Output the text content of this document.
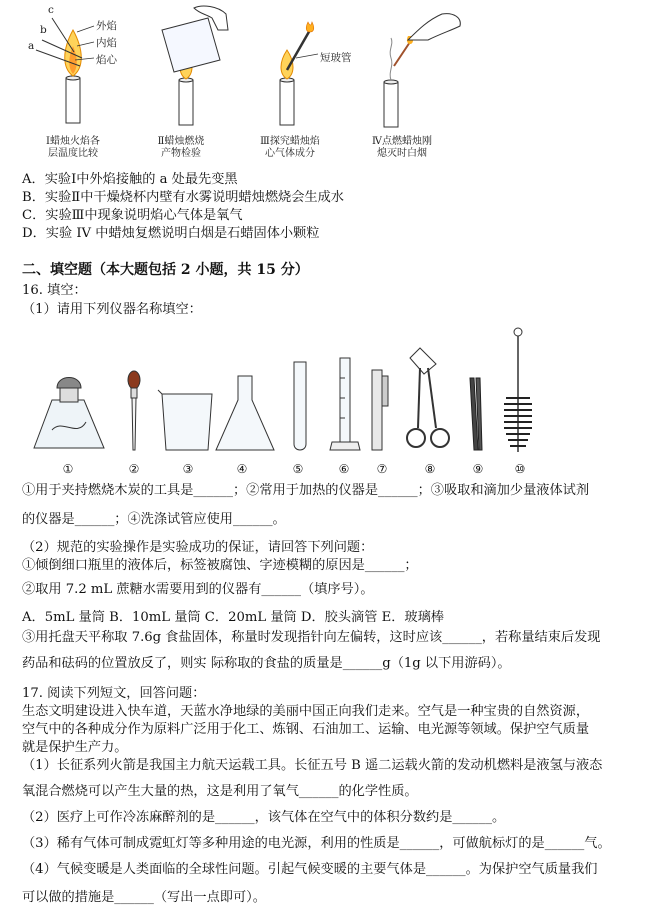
外焰
内焰
焰心
a
b
c
短玻管
Ⅰ蜡烛火焰各
层温度比较
Ⅱ蜡烛燃烧
产物检验
Ⅲ探究蜡烛焰
心气体成分
Ⅳ点燃蜡烛刚
熄灭时白烟
A．实验Ⅰ中外焰接触的 a 处最先变黑
B．实验Ⅱ中干燥烧杯内壁有水雾说明蜡烛燃烧会生成水
C．实验Ⅲ中现象说明焰心气体是氧气
D．实验 IV 中蜡烛复燃说明白烟是石蜡固体小颗粒
二、填空题（本大题包括 2 小题，共 15 分）
16. 填空：
（1）请用下列仪器名称填空：
①	②	③	④	⑤	⑥	⑦	⑧	⑨	⑩
①用于夹持燃烧木炭的工具是______；②常用于加热的仪器是______；③吸取和滴加少量液体试剂
的仪器是______；④洗涤试管应使用______。
（2）规范的实验操作是实验成功的保证，请回答下列问题：
①倾倒细口瓶里的液体后，标签被腐蚀、字迹模糊的原因是______；
②取用 7.2 mL 蔗糖水需要用到的仪器有______（填序号）。
A．5mL 量筒 B．10mL 量筒 C．20mL 量筒 D．胶头滴管 E．玻璃棒
③用托盘天平称取 7.6g 食盐固体，称量时发现指针向左偏转，这时应该______，若称量结束后发现
药品和砝码的位置放反了，则实 际称取的食盐的质量是______g（1g 以下用游码）。
17. 阅读下列短文，回答问题：
生态文明建设进入快车道，天蓝水净地绿的美丽中国正向我们走来。空气是一种宝贵的自然资源，
空气中的各种成分作为原料广泛用于化工、炼钢、石油加工、运输、电光源等领域。保护空气质量
就是保护生产力。
（1）长征系列火箭是我国主力航天运载工具。长征五号 B 遥二运载火箭的发动机燃料是液氢与液态
氧混合燃烧可以产生大量的热，这是利用了氧气______的化学性质。
（2）医疗上可作冷冻麻醉剂的是______，该气体在空气中的体积分数约是______。
（3）稀有气体可制成霓虹灯等多种用途的电光源，利用的性质是______，可做航标灯的是______气。
（4）气候变暖是人类面临的全球性问题。引起气候变暖的主要气体是______。为保护空气质量我们
可以做的措施是______（写出一点即可）。
